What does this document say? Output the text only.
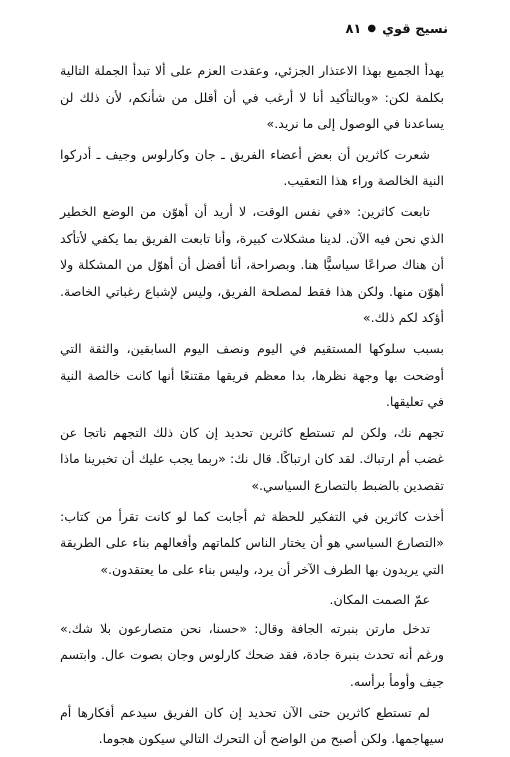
نسيج قوي
●
٨١

يهدأ الجميع بهذا الاعتذار الجزئي، وعقدت العزم على ألا تبدأ الجملة التالية بكلمة لكن: «وبالتأكيد أنا لا أرغب في أن أقلل من شأنكم، لأن ذلك لن يساعدنا في الوصول إلى ما نريد.»

شعرت كاثرين أن بعض أعضاء الفريق ـ جان وكارلوس وجيف ـ أدركوا النية الخالصة وراء هذا التعقيب.

تابعت كاثرين: «في نفس الوقت، لا أريد أن أهوّن من الوضع الخطير الذي نحن فيه الآن. لدينا مشكلات كبيرة، وأنا تابعت الفريق بما يكفي لأتأكد أن هناك صراعًا سياسيًّا هنا. وبصراحة، أنا أفضل أن أهوّل من المشكلة ولا أهوّن منها. ولكن هذا فقط لمصلحة الفريق، وليس لإشباع رغباتي الخاصة. أؤكد لكم ذلك.»

بسبب سلوكها المستقيم في اليوم ونصف اليوم السابقين، والثقة التي أوضحت بها وجهة نظرها، بدا معظم فريقها مقتنعًا أنها كانت خالصة النية في تعليقها.

تجهم نك، ولكن لم تستطع كاثرين تحديد إن كان ذلك التجهم ناتجا عن غضب أم ارتباك. لقد كان ارتباكًا. قال نك: «ربما يجب عليك أن تخبرينا ماذا تقصدين بالضبط بالتصارع السياسي.»

أخذت كاثرين في التفكير للحظة ثم أجابت كما لو كانت تقرأ من كتاب: «التصارع السياسي هو أن يختار الناس كلماتهم وأفعالهم بناء على الطريقة التي يريدون بها الطرف الآخر أن يرد، وليس بناء على ما يعتقدون.»

عمّ الصمت المكان.

تدخل مارتن بنبرته الجافة وقال: «حسنا، نحن متصارعون بلا شك.» ورغم أنه تحدث بنبرة جادة، فقد ضحك كارلوس وجان بصوت عال. وابتسم جيف وأومأ برأسه.

لم تستطع كاثرين حتى الآن تحديد إن كان الفريق سيدعم أفكارها أم سيهاجمها. ولكن أصبح من الواضح أن التحرك التالي سيكون هجوما.
